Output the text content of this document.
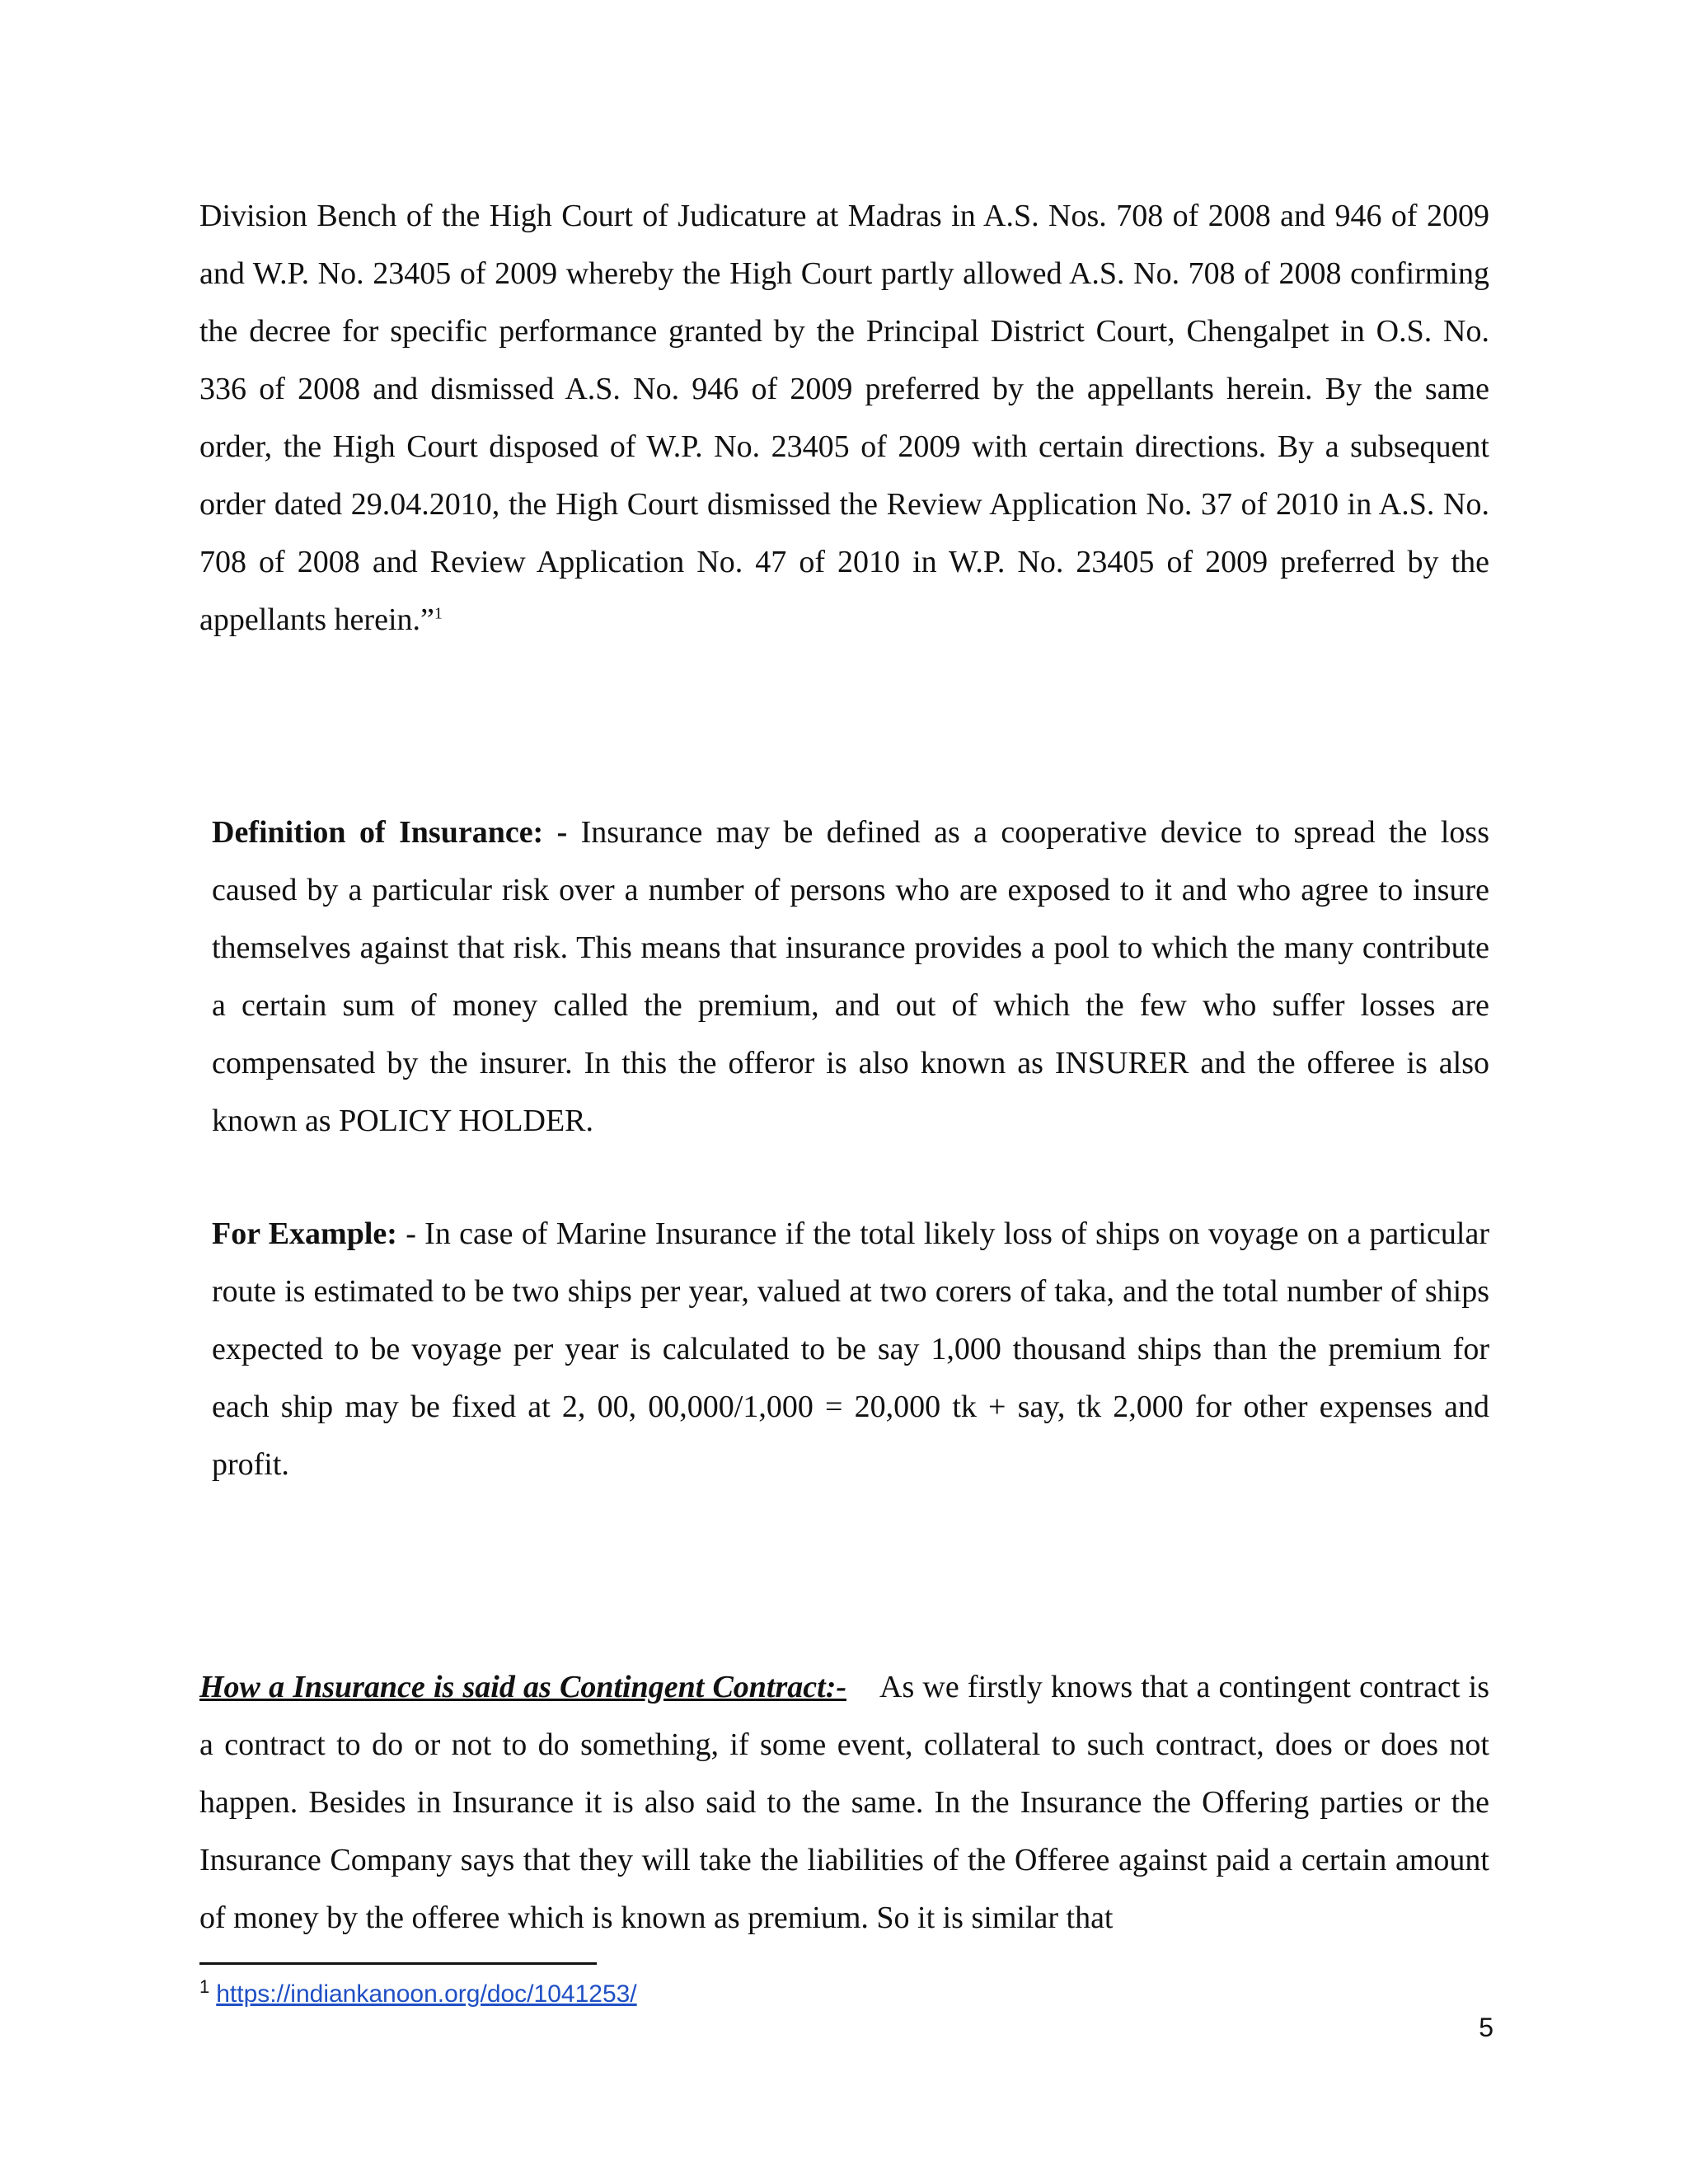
Division Bench of the High Court of Judicature at Madras in A.S. Nos. 708 of 2008 and 946 of 2009 and W.P. No. 23405 of 2009 whereby the High Court partly allowed A.S. No. 708 of 2008 confirming the decree for specific performance granted by the Principal District Court, Chengalpet in O.S. No. 336 of 2008 and dismissed A.S. No. 946 of 2009 preferred by the appellants herein. By the same order, the High Court disposed of W.P. No. 23405 of 2009 with certain directions. By a subsequent order dated 29.04.2010, the High Court dismissed the Review Application No. 37 of 2010 in A.S. No. 708 of 2008 and Review Application No. 47 of 2010 in W.P. No. 23405 of 2009 preferred by the appellants herein.”$^1$

Definition of Insurance: - Insurance may be defined as a cooperative device to spread the loss caused by a particular risk over a number of persons who are exposed to it and who agree to insure themselves against that risk. This means that insurance provides a pool to which the many contribute a certain sum of money called the premium, and out of which the few who suffer losses are compensated by the insurer. In this the offeror is also known as INSURER and the offeree is also known as POLICY HOLDER.

For Example: - In case of Marine Insurance if the total likely loss of ships on voyage on a particular route is estimated to be two ships per year, valued at two corers of taka, and the total number of ships expected to be voyage per year is calculated to be say 1,000 thousand ships than the premium for each ship may be fixed at 2, 00, 00,000/1,000 = 20,000 tk + say, tk 2,000 for other expenses and profit.

How a Insurance is said as Contingent Contract:- As we firstly knows that a contingent contract is a contract to do or not to do something, if some event, collateral to such contract, does or does not happen. Besides in Insurance it is also said to the same. In the Insurance the Offering parties or the Insurance Company says that they will take the liabilities of the Offeree against paid a certain amount of money by the offeree which is known as premium. So it is similar that

$^1$ https://indiankanoon.org/doc/1041253/
5
